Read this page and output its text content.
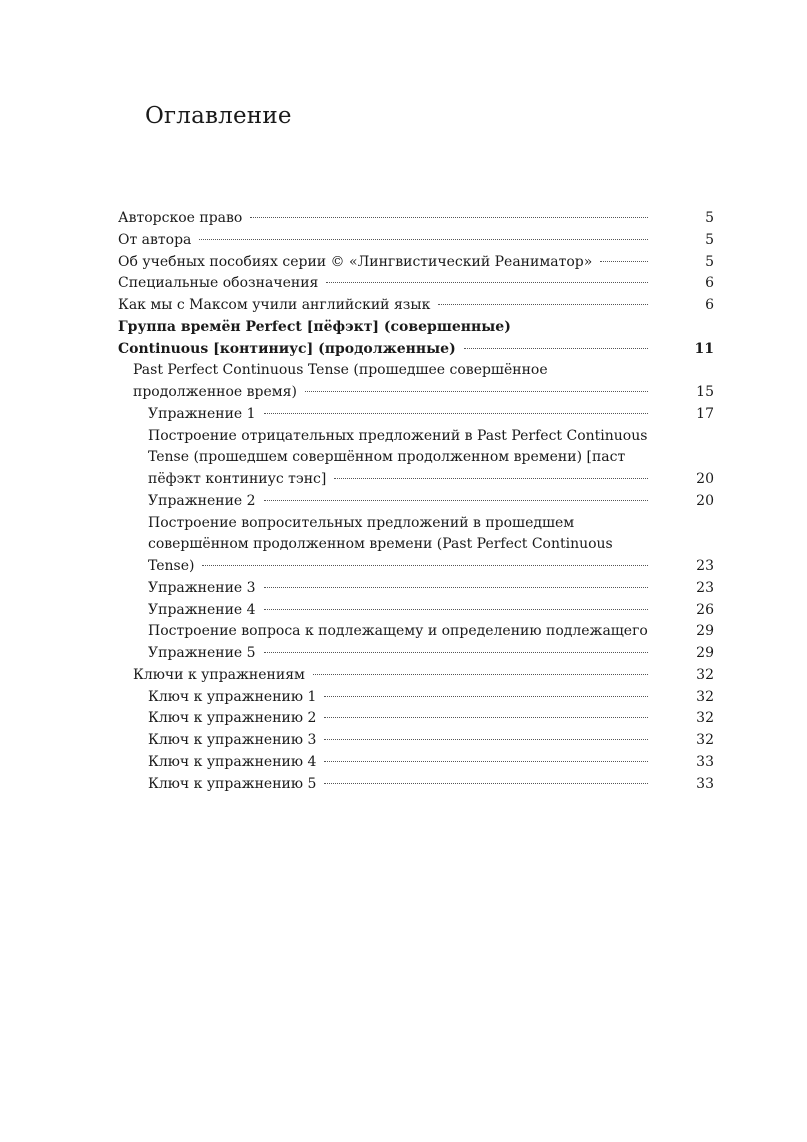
Оглавление
Авторское право	5
От автора	5
Об учебных пособиях серии © «Лингвистический Реаниматор»	5
Специальные обозначения	6
Как мы с Максом учили английский язык	6
Группа времён Perfect [пёфэкт] (совершенные)
Continuous [континиус] (продолженные)	11
Past Perfect Continuous Tense (прошедшее совершённое
продолженное время)	15
Упражнение 1	17
Построение отрицательных предложений в Past Perfect Continuous
Tense (прошедшем совершённом продолженном времени) [паст
пёфэкт континиус тэнс]	20
Упражнение 2	20
Построение вопросительных предложений в прошедшем
совершённом продолженном времени (Past Perfect Continuous
Tense)	23
Упражнение 3	23
Упражнение 4	26
Построение вопроса к подлежащему и определению подлежащего	29
Упражнение 5	29
Ключи к упражнениям	32
Ключ к упражнению 1	32
Ключ к упражнению 2	32
Ключ к упражнению 3	32
Ключ к упражнению 4	33
Ключ к упражнению 5	33
